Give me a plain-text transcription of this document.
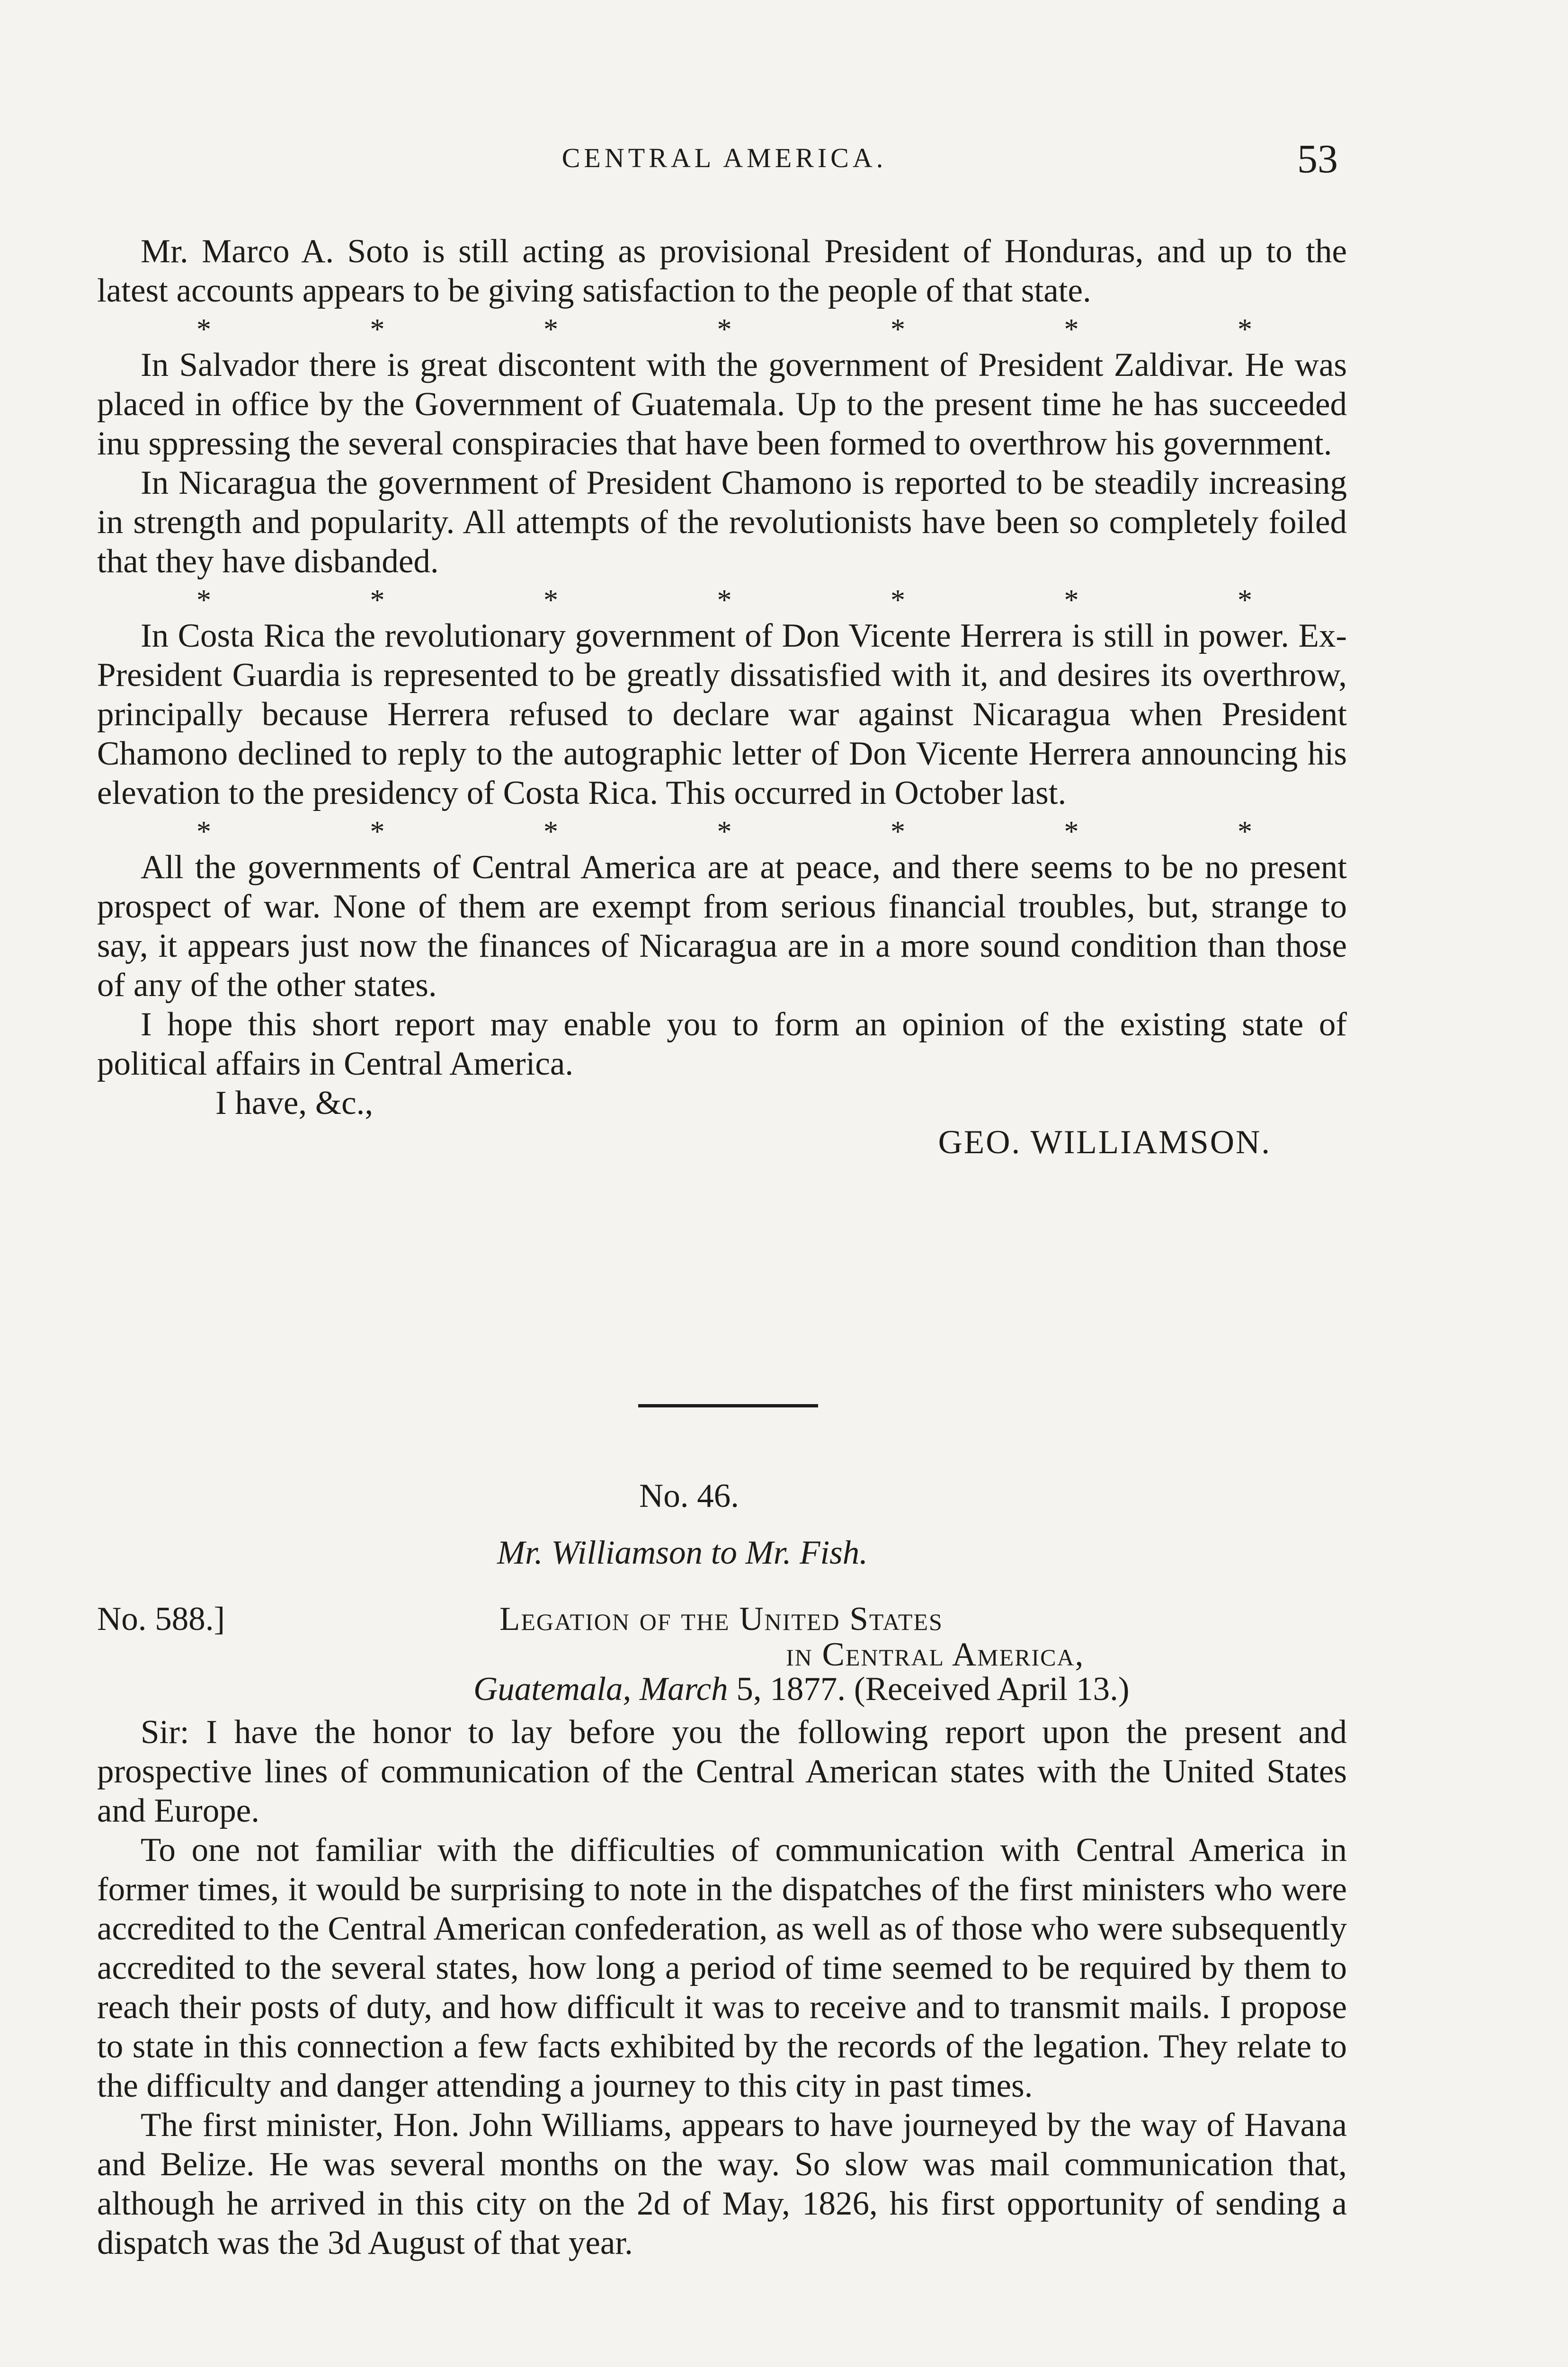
CENTRAL AMERICA.	53

Mr. Marco A. Soto is still acting as provisional President of Honduras, and up to the latest accounts appears to be giving satisfaction to the people of that state.

*	*	*	*	*	*	*

In Salvador there is great discontent with the government of President Zaldivar. He was placed in office by the Government of Guatemala. Up to the present time he has succeeded inu sppressing the several conspiracies that have been formed to overthrow his government.

In Nicaragua the government of President Chamono is reported to be steadily increasing in strength and popularity. All attempts of the revolutionists have been so completely foiled that they have disbanded.

*	*	*	*	*	*	*

In Costa Rica the revolutionary government of Don Vicente Herrera is still in power. Ex-President Guardia is represented to be greatly dissatisfied with it, and desires its overthrow, principally because Herrera refused to declare war against Nicaragua when President Chamono declined to reply to the autographic letter of Don Vicente Herrera announcing his elevation to the presidency of Costa Rica. This occurred in October last.

*	*	*	*	*	*	*

All the governments of Central America are at peace, and there seems to be no present prospect of war. None of them are exempt from serious financial troubles, but, strange to say, it appears just now the finances of Nicaragua are in a more sound condition than those of any of the other states.

I hope this short report may enable you to form an opinion of the existing state of political affairs in Central America.

I have, &c.,
GEO. WILLIAMSON.
No. 46.
Mr. Williamson to Mr. Fish.
No. 588.]	Legation of the United States
in Central America,
Guatemala, March 5, 1877. (Received April 13.)

Sir: I have the honor to lay before you the following report upon the present and prospective lines of communication of the Central American states with the United States and Europe.

To one not familiar with the difficulties of communication with Central America in former times, it would be surprising to note in the dispatches of the first ministers who were accredited to the Central American confederation, as well as of those who were subsequently accredited to the several states, how long a period of time seemed to be required by them to reach their posts of duty, and how difficult it was to receive and to transmit mails. I propose to state in this connection a few facts exhibited by the records of the legation. They relate to the difficulty and danger attending a journey to this city in past times.

The first minister, Hon. John Williams, appears to have journeyed by the way of Havana and Belize. He was several months on the way. So slow was mail communication that, although he arrived in this city on the 2d of May, 1826, his first opportunity of sending a dispatch was the 3d August of that year.
